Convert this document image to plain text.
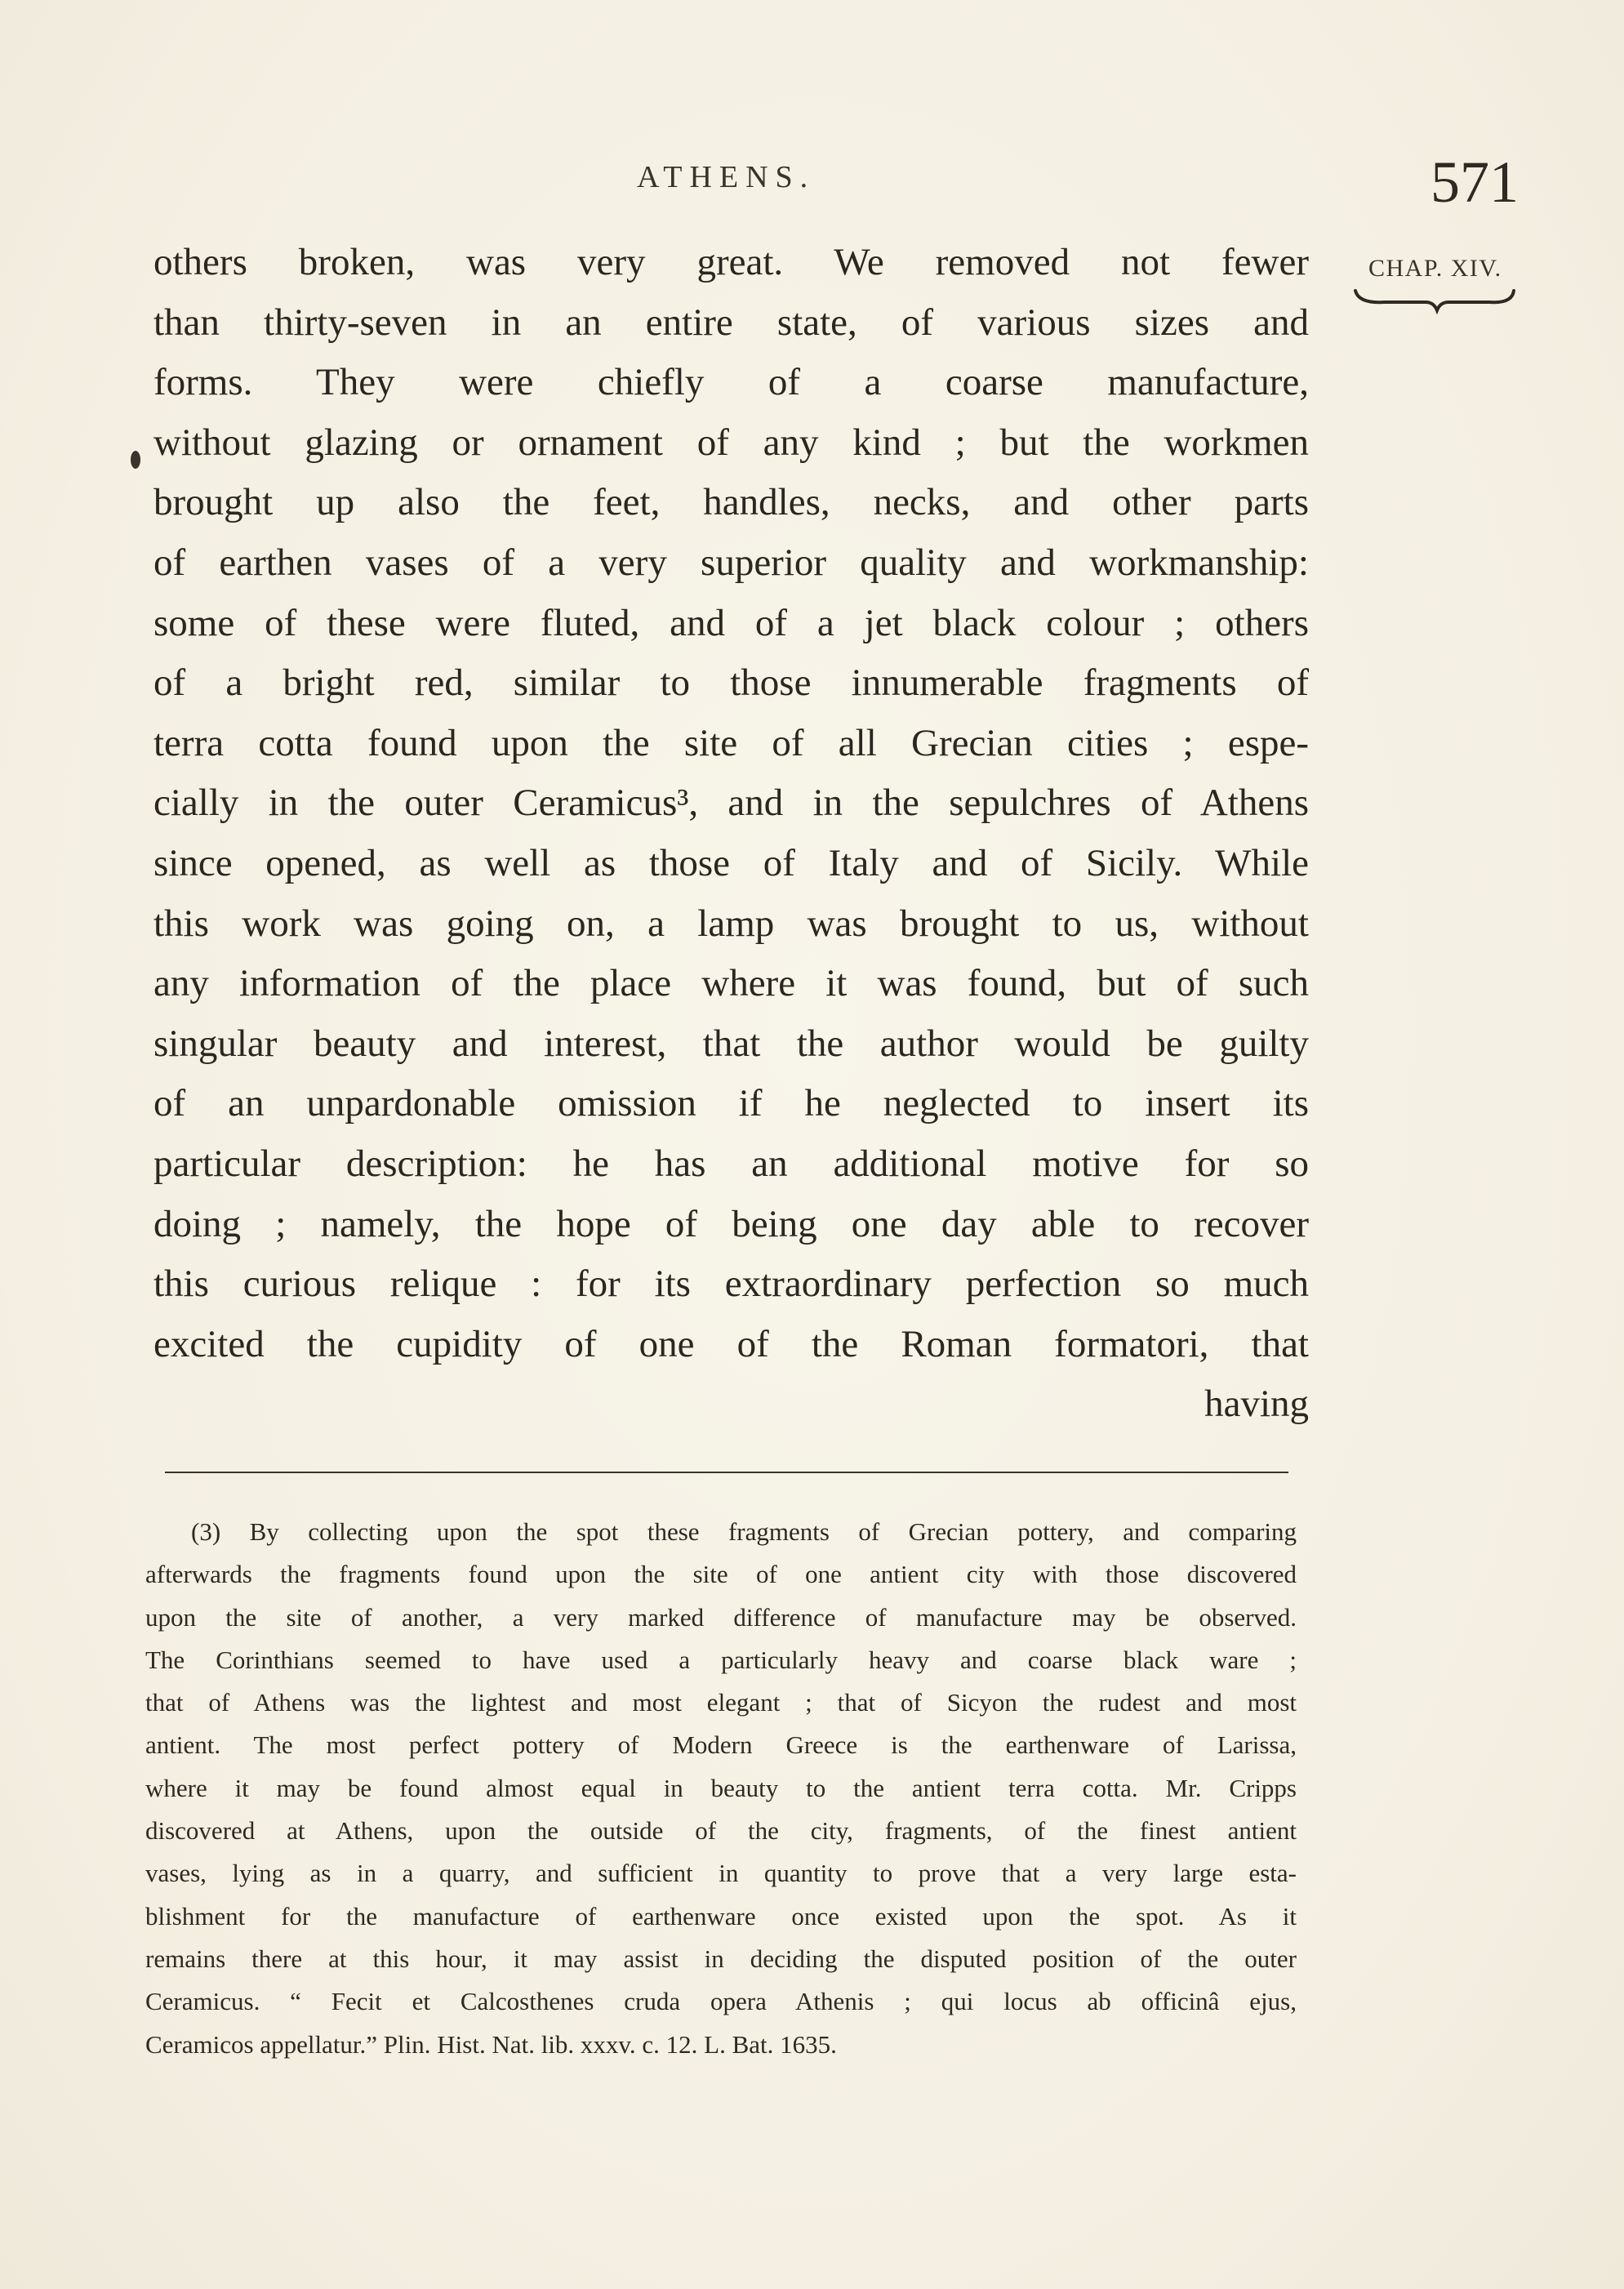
ATHENS.	571
CHAP. XIV.
others broken, was very great. We removed not fewer
than thirty-seven in an entire state, of various sizes and
forms. They were chiefly of a coarse manufacture,
without glazing or ornament of any kind ; but the workmen
brought up also the feet, handles, necks, and other parts
of earthen vases of a very superior quality and workmanship:
some of these were fluted, and of a jet black colour ; others
of a bright red, similar to those innumerable fragments of
terra cotta found upon the site of all Grecian cities ; espe-
cially in the outer Ceramicus³, and in the sepulchres of Athens
since opened, as well as those of Italy and of Sicily. While
this work was going on, a lamp was brought to us, without
any information of the place where it was found, but of such
singular beauty and interest, that the author would be guilty
of an unpardonable omission if he neglected to insert its
particular description: he has an additional motive for so
doing ; namely, the hope of being one day able to recover
this curious relique : for its extraordinary perfection so much
excited the cupidity of one of the Roman formatori, that
having
(3) By collecting upon the spot these fragments of Grecian pottery, and comparing
afterwards the fragments found upon the site of one antient city with those discovered
upon the site of another, a very marked difference of manufacture may be observed.
The Corinthians seemed to have used a particularly heavy and coarse black ware ;
that of Athens was the lightest and most elegant ; that of Sicyon the rudest and most
antient. The most perfect pottery of Modern Greece is the earthenware of Larissa,
where it may be found almost equal in beauty to the antient terra cotta. Mr. Cripps
discovered at Athens, upon the outside of the city, fragments, of the finest antient
vases, lying as in a quarry, and sufficient in quantity to prove that a very large esta-
blishment for the manufacture of earthenware once existed upon the spot. As it
remains there at this hour, it may assist in deciding the disputed position of the outer
Ceramicus. “ Fecit et Calcosthenes cruda opera Athenis ; qui locus ab officinâ ejus,
Ceramicos appellatur.” Plin. Hist. Nat. lib. xxxv. c. 12. L. Bat. 1635.
